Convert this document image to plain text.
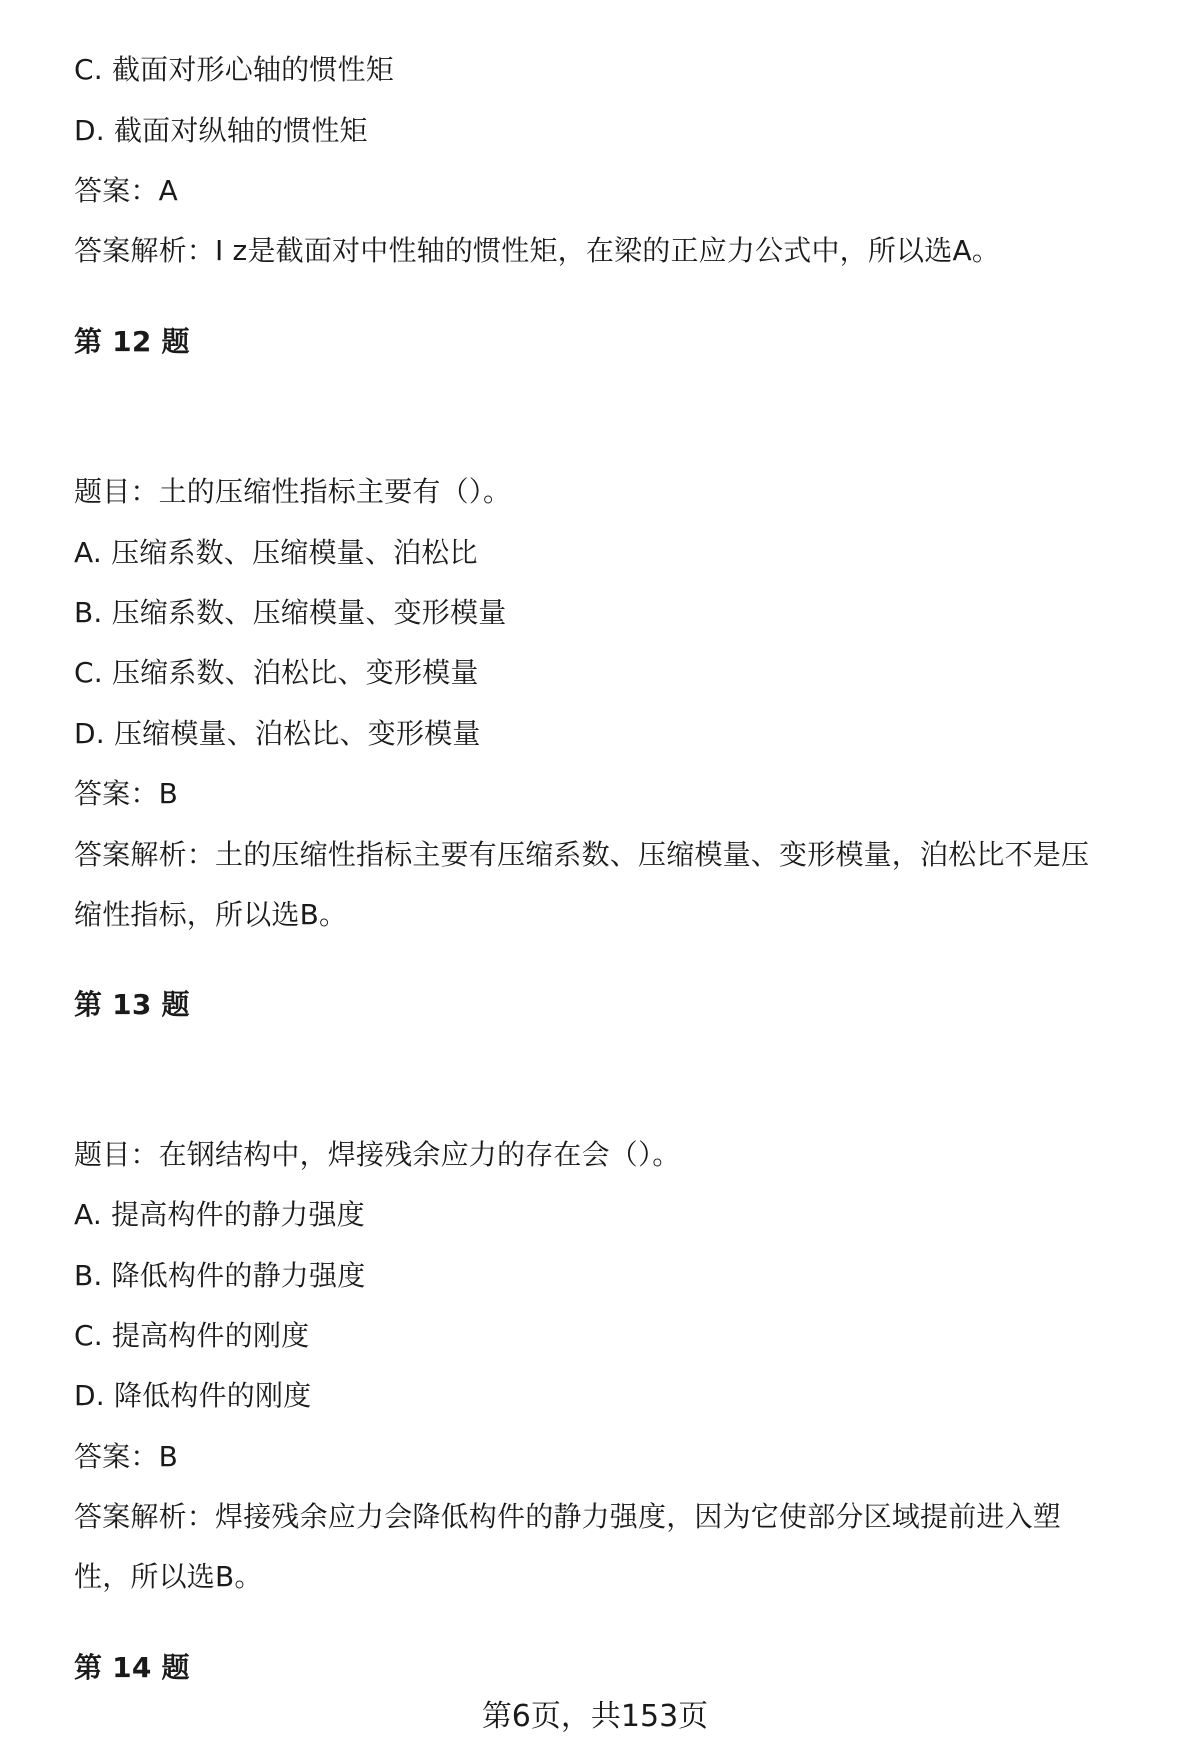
C. 截面对形心轴的惯性矩
D. 截面对纵轴的惯性矩
答案：A
答案解析：I z是截面对中性轴的惯性矩，在梁的正应力公式中，所以选A。
第 12 题
题目：土的压缩性指标主要有（）。
A. 压缩系数、压缩模量、泊松比
B. 压缩系数、压缩模量、变形模量
C. 压缩系数、泊松比、变形模量
D. 压缩模量、泊松比、变形模量
答案：B
答案解析：土的压缩性指标主要有压缩系数、压缩模量、变形模量，泊松比不是压
缩性指标，所以选B。
第 13 题
题目：在钢结构中，焊接残余应力的存在会（）。
A. 提高构件的静力强度
B. 降低构件的静力强度
C. 提高构件的刚度
D. 降低构件的刚度
答案：B
答案解析：焊接残余应力会降低构件的静力强度，因为它使部分区域提前进入塑
性，所以选B。
第 14 题
第6页，共153页
